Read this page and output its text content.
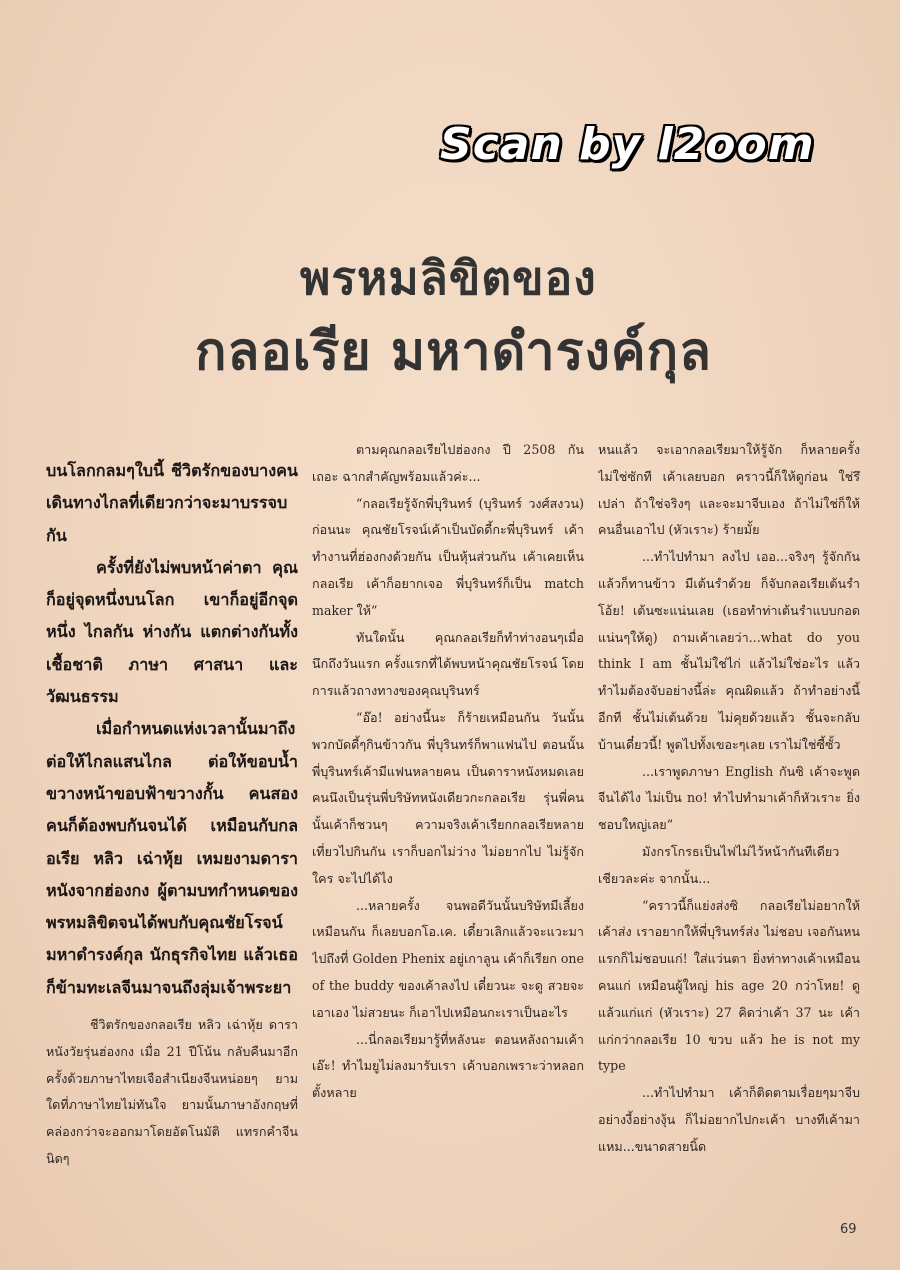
Scan by l2oom
พรหมลิขิตของ
กลอเรีย มหาดำรงค์กุล

บนโลกกลมๆใบนี้ ชีวิตรักของบางคนเดินทางไกลที่เดียวกว่าจะมาบรรจบกัน

ครั้งที่ยังไม่พบหน้าค่าตา คุณก็อยู่จุดหนึ่งบนโลก เขาก็อยู่อีกจุดหนึ่ง ไกลกัน ห่างกัน แตกต่างกันทั้งเชื้อชาติ ภาษา ศาสนา และวัฒนธรรม

เมื่อกำหนดแห่งเวลานั้นมาถึง ต่อให้ไกลแสนไกล ต่อให้ขอบน้ำขวางหน้าขอบฟ้าขวางกั้น คนสองคนก็ต้องพบกันจนได้ เหมือนกับกลอเรีย หลิว เฉ่าหุ้ย เหมยงามดาราหนังจากฮ่องกง ผู้ตามบทกำหนดของพรหมลิขิตจนได้พบกับคุณชัยโรจน์ มหาดำรงค์กุล นักธุรกิจไทย แล้วเธอก็ข้ามทะเลจีนมาจนถึงลุ่มเจ้าพระยา

ชีวิตรักของกลอเรีย หลิว เฉ่าหุ้ย ดาราหนังวัยรุ่นฮ่องกง เมื่อ 21 ปีโน้น กลับคืนมาอีกครั้งด้วยภาษาไทยเจือสำเนียงจีนหน่อยๆ ยามใดที่ภาษาไทยไม่ทันใจ ยามนั้นภาษาอังกฤษที่คล่องกว่าจะออกมาโดยอัตโนมัติ แทรกคำจีนนิดๆ

ตามคุณกลอเรียไปฮ่องกง ปี 2508 กันเถอะ ฉากสำคัญพร้อมแล้วค่ะ...

“กลอเรียรู้จักพี่บุรินทร์ (บุรินทร์ วงศ์สงวน) ก่อนนะ คุณชัยโรจน์เค้าเป็นบัดดี้กะพี่บุรินทร์ เค้าทำงานที่ฮ่องกงด้วยกัน เป็นหุ้นส่วนกัน เค้าเคยเห็นกลอเรีย เค้าก็อยากเจอ พี่บุรินทร์ก็เป็น match maker ให้”

ทันใดนั้น คุณกลอเรียก็ทำท่างอนๆเมื่อนึกถึงวันแรก ครั้งแรกที่ได้พบหน้าคุณชัยโรจน์ โดยการแล้วถางทางของคุณบุรินทร์

“อ๊อ! อย่างนี้นะ ก็ร้ายเหมือนกัน วันนั้นพวกบัดดี้ๆกินข้าวกัน พี่บุรินทร์ก็พาแฟนไป ตอนนั้นพี่บุรินทร์เค้ามีแฟนหลายคน เป็นดาราหนังหมดเลย คนนึงเป็นรุ่นพี่บริษัทหนังเดียวกะกลอเรีย รุ่นพี่คนนั้นเค้าก็ชวนๆ ความจริงเค้าเรียกกลอเรียหลายเที่ยวไปกินกัน เราก็บอกไม่ว่าง ไม่อยากไป ไม่รู้จักใคร จะไปได้ไง

...หลายครั้ง จนพอดีวันนั้นบริษัทมีเลี้ยงเหมือนกัน ก็เลยบอกโอ.เค. เดี๋ยวเลิกแล้วจะแวะมา ไปถึงที่ Golden Phenix อยู่เกาลูน เค้าก็เรียก one of the buddy ของเค้าลงไป เดี๋ยวนะ จะดู สวยจะเอาเอง ไม่สวยนะ ก็เอาไปเหมือนกะเราเป็นอะไร

...นี่กลอเรียมารู้ที่หลังนะ ตอนหลังถามเค้า เอ๊ะ! ทำไมยูไม่ลงมารับเรา เค้าบอกเพราะว่าหลอกตั้งหลาย

หนแล้ว จะเอากลอเรียมาให้รู้จัก ก็หลายครั้งไม่ใช่ซักที เค้าเลยบอก คราวนี้ก็ให้ดูก่อน ใช่รึเปล่า ถ้าใช่จริงๆ และจะมาจีบเอง ถ้าไม่ใช่ก็ให้คนอื่นเอาไป (หัวเราะ) ร้ายมั้ย

...ทำไปทำมา ลงไป เออ...จริงๆ รู้จักกันแล้วก็ทานข้าว มีเต้นรำด้วย ก็จับกลอเรียเต้นรำ โอ้ย! เต้นซะแน่นเลย (เธอทำท่าเต้นรำแบบกอดแน่นๆให้ดู) ถามเค้าเลยว่า...what do you think I am ชั้นไม่ใช่ไก่ แล้วไม่ใช่อะไร แล้วทำไมต้องจับอย่างนี้ล่ะ คุณผิดแล้ว ถ้าทำอย่างนี้อีกที ชั้นไม่เต้นด้วย ไม่คุยด้วยแล้ว ชั้นจะกลับบ้านเดี๋ยวนี้! พูดไปทั้งเขอะๆเลย เราไม่ใช่ซี้ซั้ว

...เราพูดภาษา English กันซิ เค้าจะพูดจีนได้ไง ไม่เป็น no! ทำไปทำมาเค้าก็หัวเราะ ยิ่งชอบใหญ่เลย”

มังกรโกรธเป็นไฟไม่ไว้หน้ากันทีเดียวเชียวละค่ะ จากนั้น...

“คราวนี้ก็แย่งส่งซิ กลอเรียไม่อยากให้เค้าส่ง เราอยากให้พี่บุรินทร์ส่ง ไม่ชอบ เจอกันหนแรกก็ไม่ชอบแก่! ใส่แว่นตา ยิ่งท่าทางเค้าเหมือนคนแก่ เหมือนผู้ใหญ่ his age 20 กว่าโหย! ดูแล้วแก่แก่ (หัวเราะ) 27 คิดว่าเค้า 37 นะ เค้าแก่กว่ากลอเรีย 10 ขวบ แล้ว he is not my type

...ทำไปทำมา เค้าก็ติดตามเรื่อยๆมาจีบอย่างงี้อย่างงุ้น ก็ไม่อยากไปกะเค้า บางทีเค้ามา แหม...ขนาดสายนิ้ด

69
